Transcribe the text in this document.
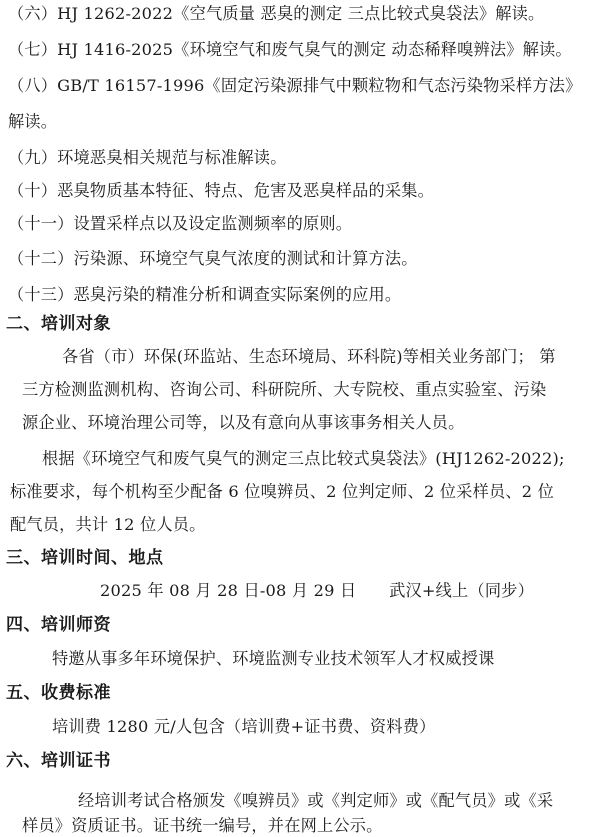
（六）HJ 1262-2022《空气质量 恶臭的测定 三点比较式臭袋法》解读。
（七）HJ 1416-2025《环境空气和废气臭气的测定 动态稀释嗅辨法》解读。
（八）GB/T 16157-1996《固定污染源排气中颗粒物和气态污染物采样方法》
解读。
（九）环境恶臭相关规范与标准解读。
（十）恶臭物质基本特征、特点、危害及恶臭样品的采集。
（十一）设置采样点以及设定监测频率的原则。
（十二）污染源、环境空气臭气浓度的测试和计算方法。
（十三）恶臭污染的精准分析和调查实际案例的应用。
二、培训对象
各省（市）环保(环监站、生态环境局、环科院)等相关业务部门； 第
三方检测监测机构、咨询公司、科研院所、大专院校、重点实验室、污染
源企业、环境治理公司等，以及有意向从事该事务相关人员。
根据《环境空气和废气臭气的测定三点比较式臭袋法》(HJ1262-2022);
标准要求，每个机构至少配备 6 位嗅辨员、2 位判定师、2 位采样员、2 位
配气员，共计 12 位人员。
三、培训时间、地点
2025 年 08 月 28 日-08 月 29 日　　武汉+线上（同步）
四、培训师资
特邀从事多年环境保护、环境监测专业技术领军人才权威授课
五、收费标准
培训费 1280 元/人包含（培训费+证书费、资料费）
六、培训证书
经培训考试合格颁发《嗅辨员》或《判定师》或《配气员》或《采
样员》资质证书。证书统一编号，并在网上公示。
